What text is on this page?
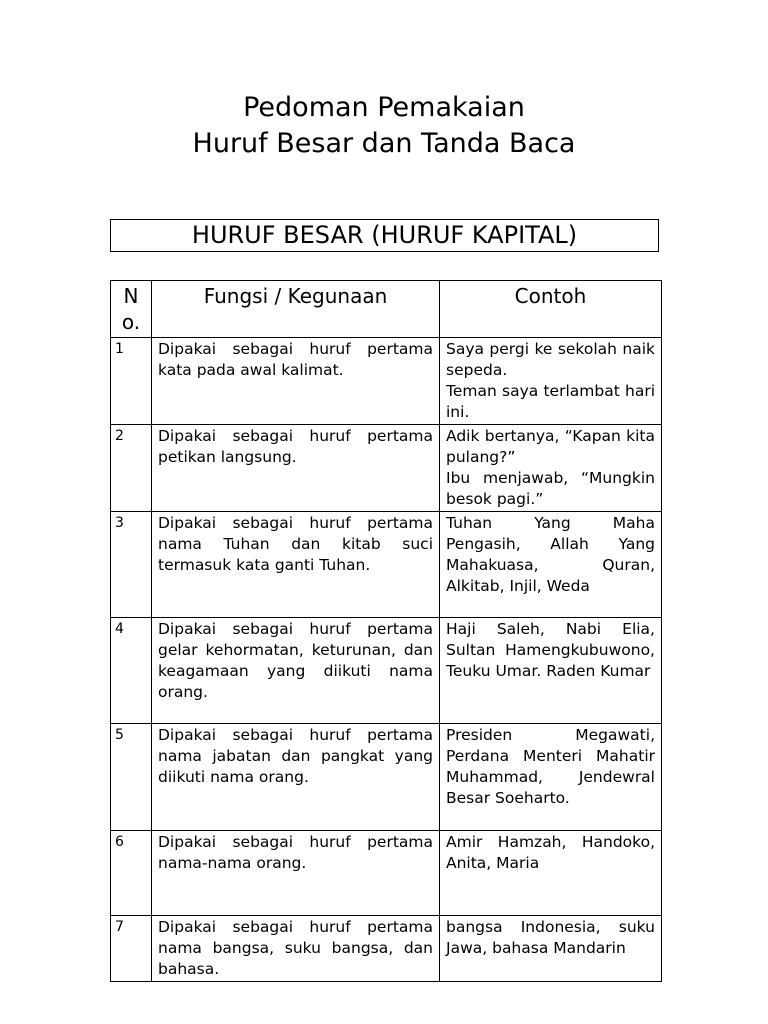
Pedoman Pemakaian
Huruf Besar dan Tanda Baca
HURUF BESAR (HURUF KAPITAL)
N
o.	Fungsi / Kegunaan	Contoh
1	Dipakai sebagai huruf pertama kata pada awal kalimat.	Saya pergi ke sekolah naik sepeda.

Teman saya terlambat hari ini.

2	Dipakai sebagai huruf pertama petikan langsung.	Adik bertanya, “Kapan kita pulang?”

Ibu menjawab, “Mungkin besok pagi.”

3	Dipakai sebagai huruf pertama nama Tuhan dan kitab suci termasuk kata ganti Tuhan.	Tuhan Yang Maha Pengasih, Allah Yang Mahakuasa, Quran, Alkitab, Injil, Weda

4	Dipakai sebagai huruf pertama gelar kehormatan, keturunan, dan keagamaan yang diikuti nama orang.	Haji Saleh, Nabi Elia, Sultan Hamengkubuwono, Teuku Umar. Raden Kumar

5	Dipakai sebagai huruf pertama nama jabatan dan pangkat yang diikuti nama orang.	Presiden Megawati, Perdana Menteri Mahatir Muhammad, Jendewral Besar Soeharto.

6	Dipakai sebagai huruf pertama nama-nama orang.	Amir Hamzah, Handoko, Anita, Maria

7	Dipakai sebagai huruf pertama nama bangsa, suku bangsa, dan bahasa.	bangsa Indonesia, suku Jawa, bahasa Mandarin
